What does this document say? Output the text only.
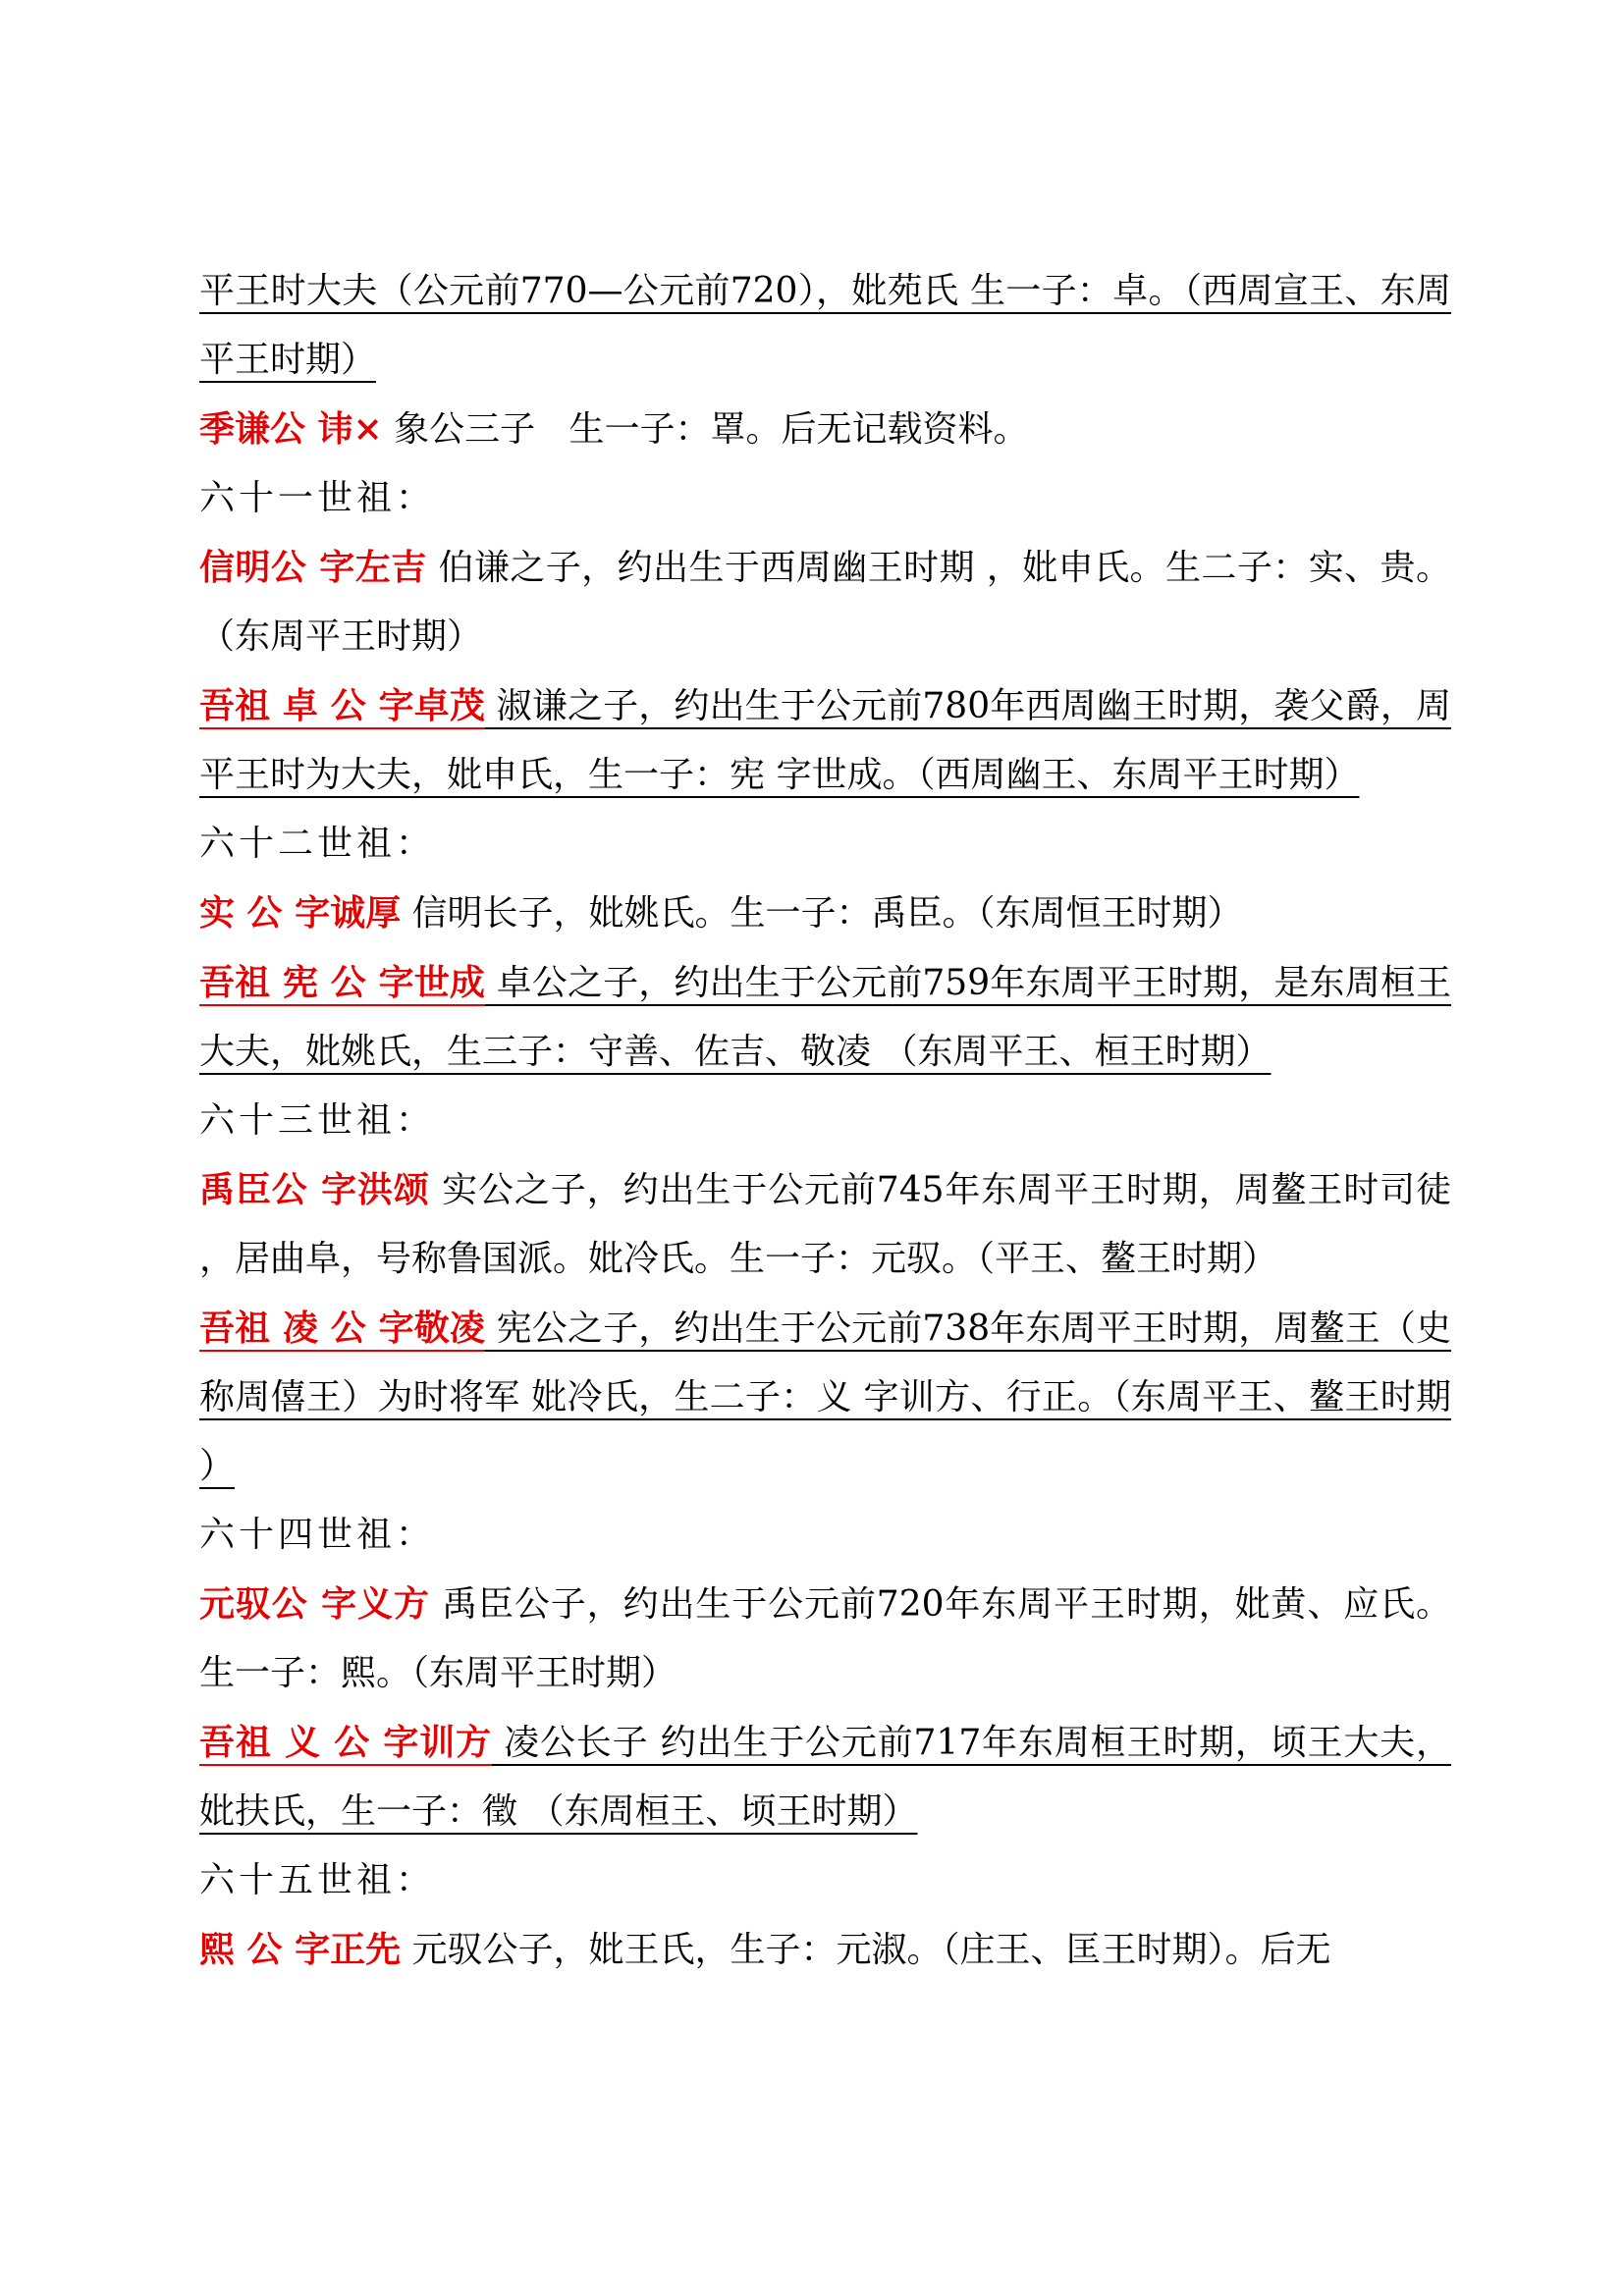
平王时大夫（公元前770—公元前720），妣苑氏 生一子：卓。（西周宣王、东周平王时期）

季谦公 讳× 象公三子   生一子：罩。后无记载资料。

六十一世祖：

信明公 字左吉 伯谦之子，约出生于西周幽王时期 ，妣申氏。生二子：实、贵。（东周平王时期）

吾祖 卓 公 字卓茂 淑谦之子，约出生于公元前780年西周幽王时期，袭父爵，周平王时为大夫，妣申氏，生一子：宪 字世成。（西周幽王、东周平王时期）

六十二世祖：

实 公 字诚厚 信明长子，妣姚氏。生一子：禹臣。（东周恒王时期）

吾祖 宪 公 字世成 卓公之子，约出生于公元前759年东周平王时期，是东周桓王大夫，妣姚氏，生三子：守善、佐吉、敬凌 （东周平王、桓王时期）

六十三世祖：

禹臣公 字洪颂 实公之子，约出生于公元前745年东周平王时期，周鳌王时司徒，居曲阜，号称鲁国派。妣冷氏。生一子：元驭。（平王、鳌王时期）

吾祖 凌 公 字敬凌 宪公之子，约出生于公元前738年东周平王时期，周鳌王（史称周僖王）为时将军 妣冷氏，生二子：义 字训方、行正。（东周平王、鳌王时期）

六十四世祖：

元驭公 字义方 禹臣公子，约出生于公元前720年东周平王时期，妣黄、应氏。生一子：熙。（东周平王时期）

吾祖 义 公 字训方 凌公长子 约出生于公元前717年东周桓王时期，顷王大夫， 妣扶氏，生一子：徵 （东周桓王、顷王时期）

六十五世祖：

熙 公 字正先 元驭公子，妣王氏，生子：元淑。（庄王、匡王时期）。后无
